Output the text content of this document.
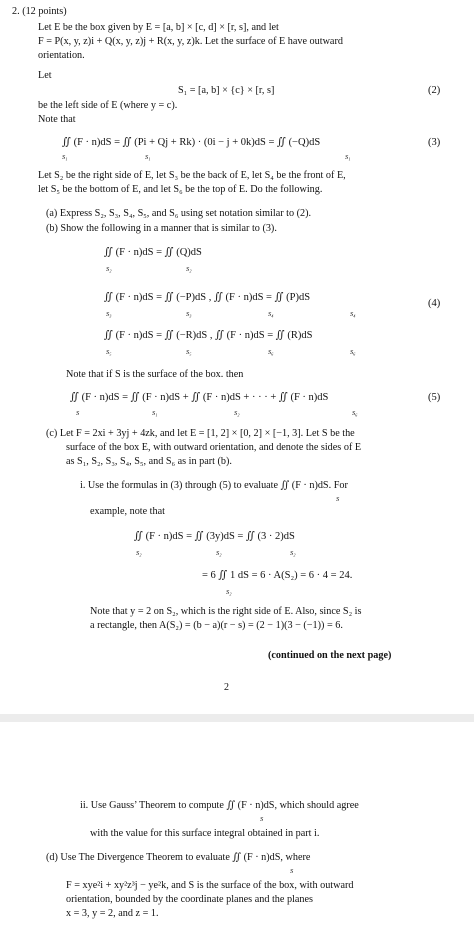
2. (12 points)
Let E be the box given by E = [a, b] × [c, d] × [r, s], and let
F = P(x, y, z)i + Q(x, y, z)j + R(x, y, z)k. Let the surface of E have outward
orientation.
Let
S₁ = [a, b] × {c} × [r, s]	(2)
be the left side of E (where y = c).
Note that
∬ (F · n)dS = ∬ (Pi + Qj + Rk) · (0i − j + 0k)dS = ∬ (−Q)dS
S₁	S₁	S₁
(3)
Let S₂ be the right side of E, let S₃ be the back of E, let S₄ be the front of E,
let S₅ be the bottom of E, and let S₆ be the top of E. Do the following.
(a) Express S₂, S₃, S₄, S₅, and S₆ using set notation similar to (2).
(b) Show the following in a manner that is similar to (3).
∬ (F · n)dS = ∬ (Q)dS
S₂	S₂
∬ (F · n)dS = ∬ (−P)dS , ∬ (F · n)dS = ∬ (P)dS
S₃	S₃	S₄	S₄
(4)
∬ (F · n)dS = ∬ (−R)dS , ∬ (F · n)dS = ∬ (R)dS
S₅	S₅	S₆	S₆
Note that if S is the surface of the box. then
∬ (F · n)dS = ∬ (F · n)dS + ∬ (F · n)dS + · · · + ∬ (F · n)dS
S	S₁	S₂	S₆
(5)
(c) Let F = 2xi + 3yj + 4zk, and let E = [1, 2] × [0, 2] × [−1, 3]. Let S be the
surface of the box E, with outward orientation, and denote the sides of E
as S₁, S₂, S₃, S₄, S₅, and S₆ as in part (b).
i. Use the formulas in (3) through (5) to evaluate ∬ (F · n)dS. For
S
example, note that
∬ (F · n)dS = ∬ (3y)dS = ∬ (3 · 2)dS
S₂	S₂	S₂
= 6 ∬ 1 dS = 6 · A(S₂) = 6 · 4 = 24.
S₂
Note that y = 2 on S₂, which is the right side of E. Also, since S₂ is
a rectangle, then A(S₂) = (b − a)(r − s) = (2 − 1)(3 − (−1)) = 6.
(continued on the next page)
2
ii. Use Gauss’ Theorem to compute ∬ (F · n)dS, which should agree
S
with the value for this surface integral obtained in part i.
(d) Use The Divergence Theorem to evaluate ∬ (F · n)dS, where
S
F = xye²i + xy²z³j − ye²k, and S is the surface of the box, with outward
orientation, bounded by the coordinate planes and the planes
x = 3, y = 2, and z = 1.
